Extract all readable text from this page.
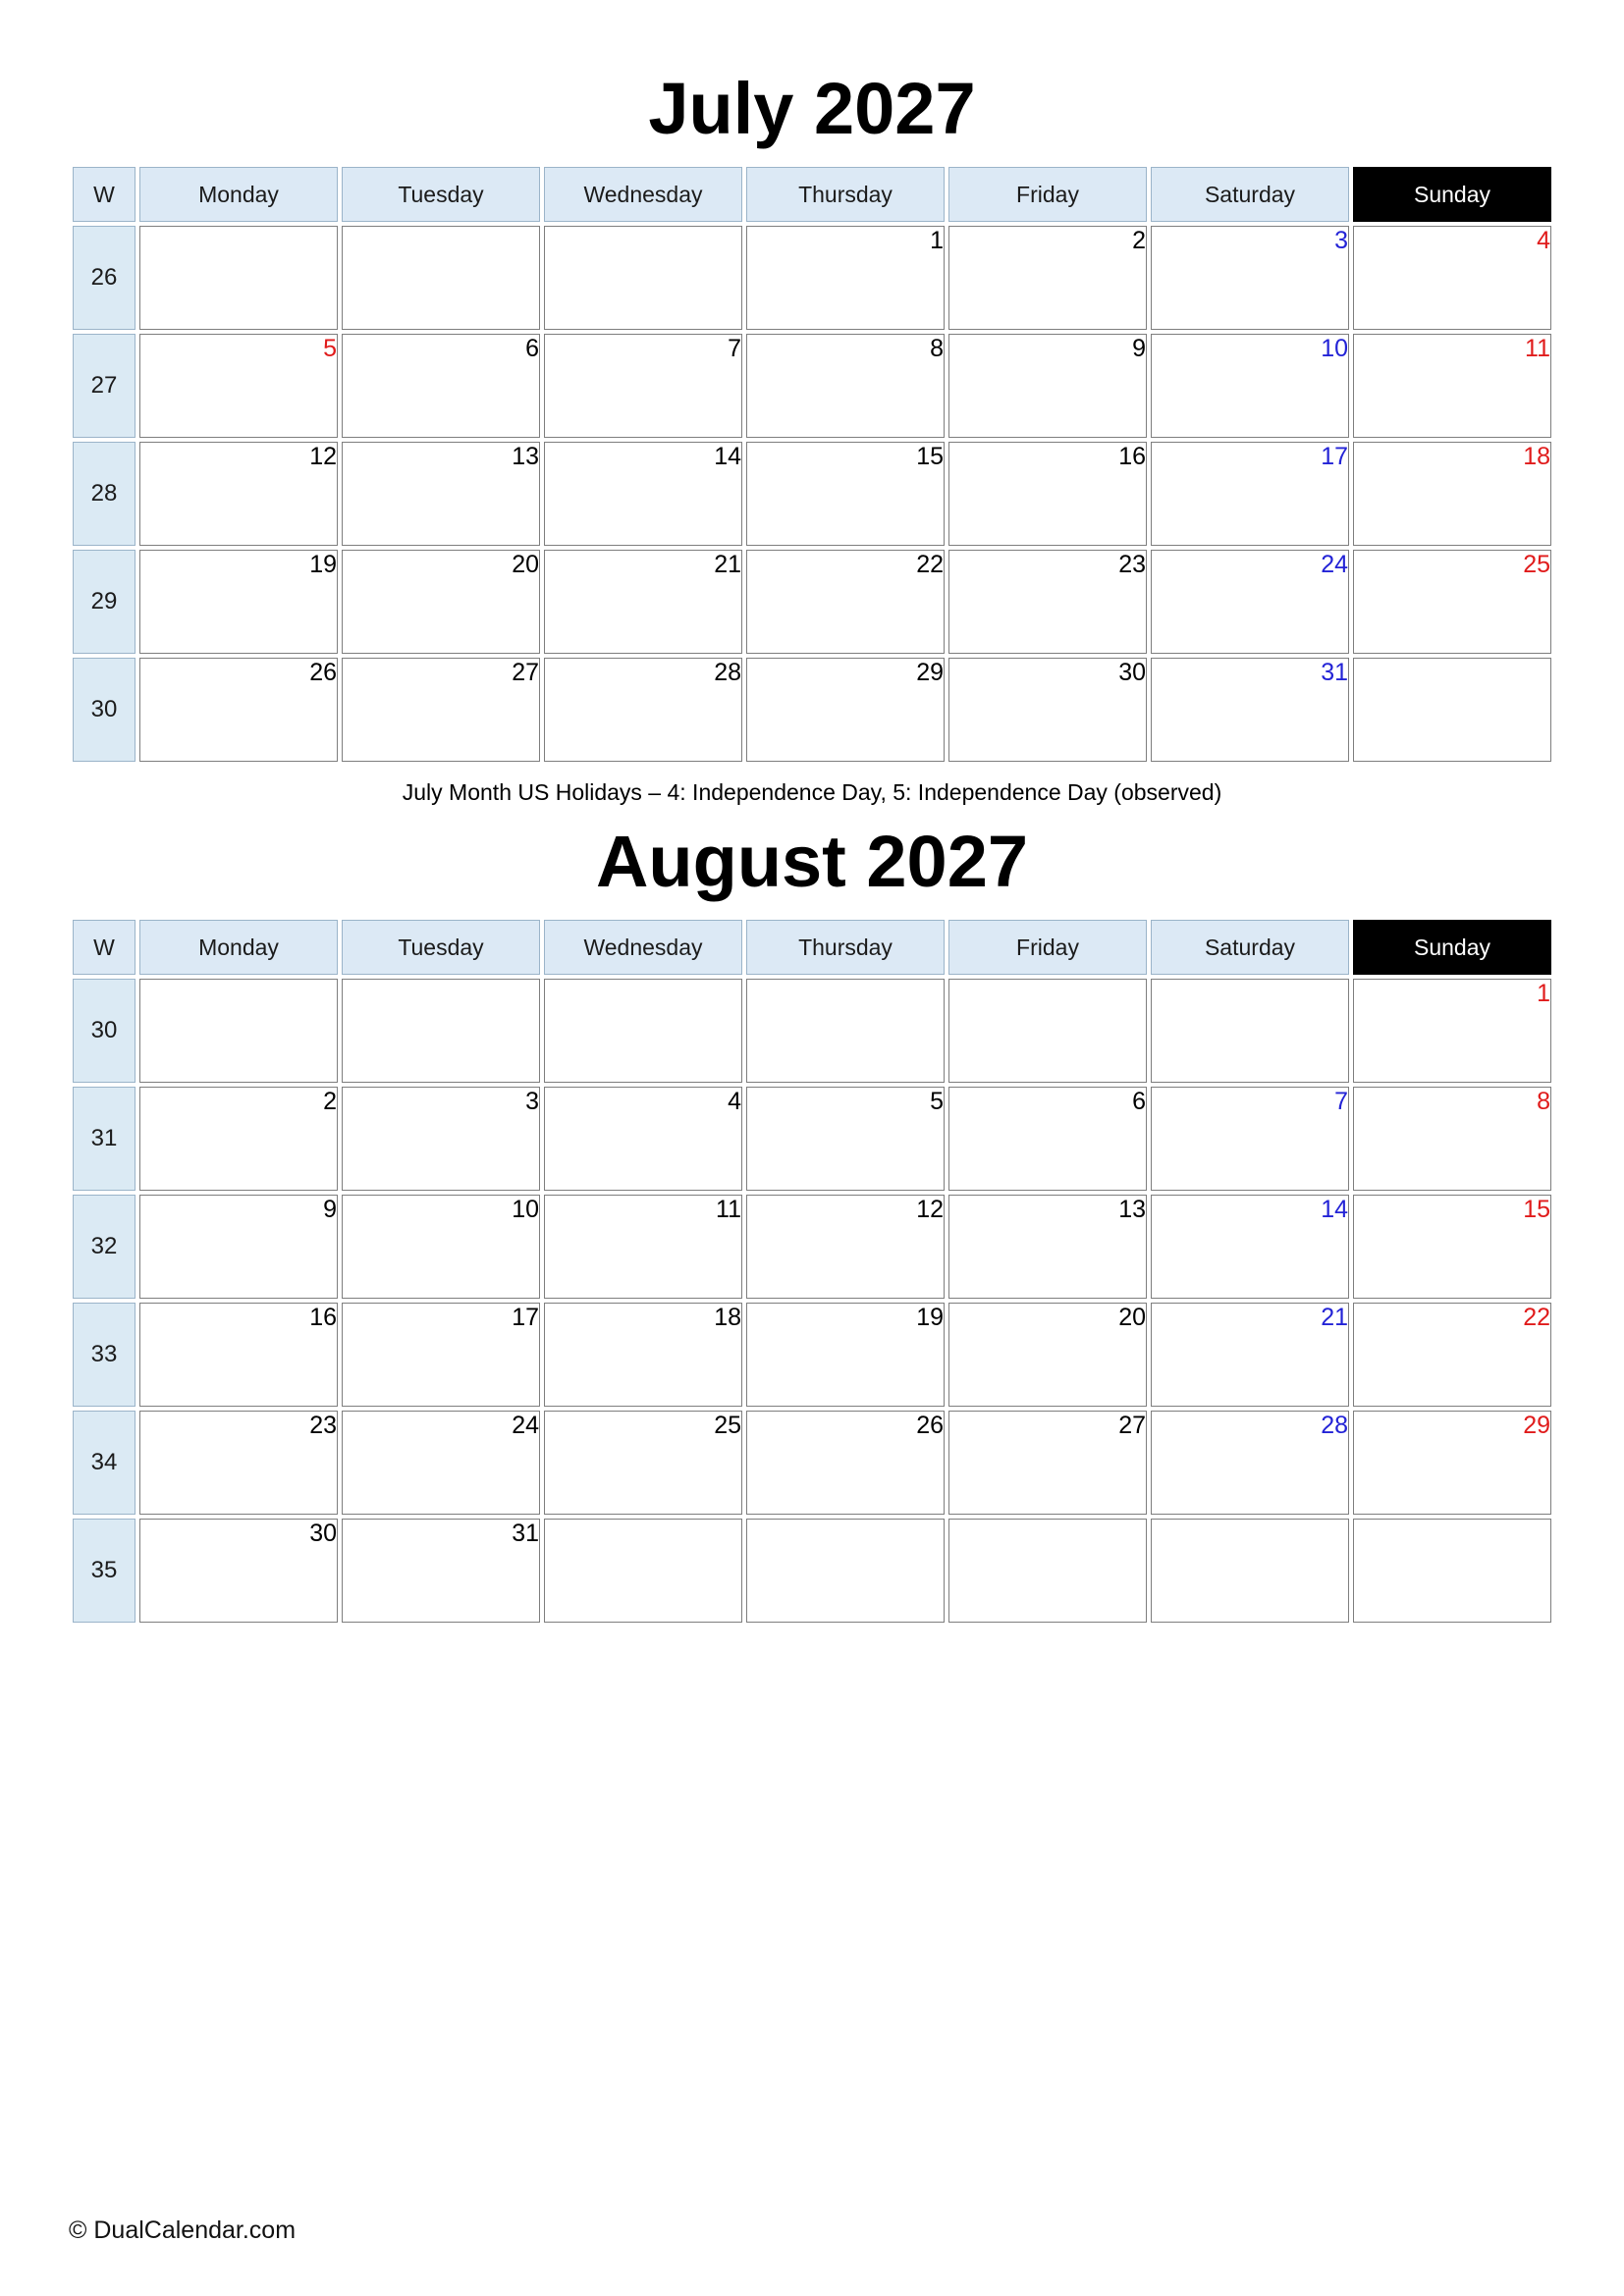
July 2027
W	Monday	Tuesday	Wednesday	Thursday	Friday	Saturday	Sunday
26				1	2	3	4
27	5	6	7	8	9	10	11
28	12	13	14	15	16	17	18
29	19	20	21	22	23	24	25
30	26	27	28	29	30	31	
July Month US Holidays – 4: Independence Day, 5: Independence Day (observed)
August 2027
W	Monday	Tuesday	Wednesday	Thursday	Friday	Saturday	Sunday
30							1
31	2	3	4	5	6	7	8
32	9	10	11	12	13	14	15
33	16	17	18	19	20	21	22
34	23	24	25	26	27	28	29
35	30	31					
© DualCalendar.com
